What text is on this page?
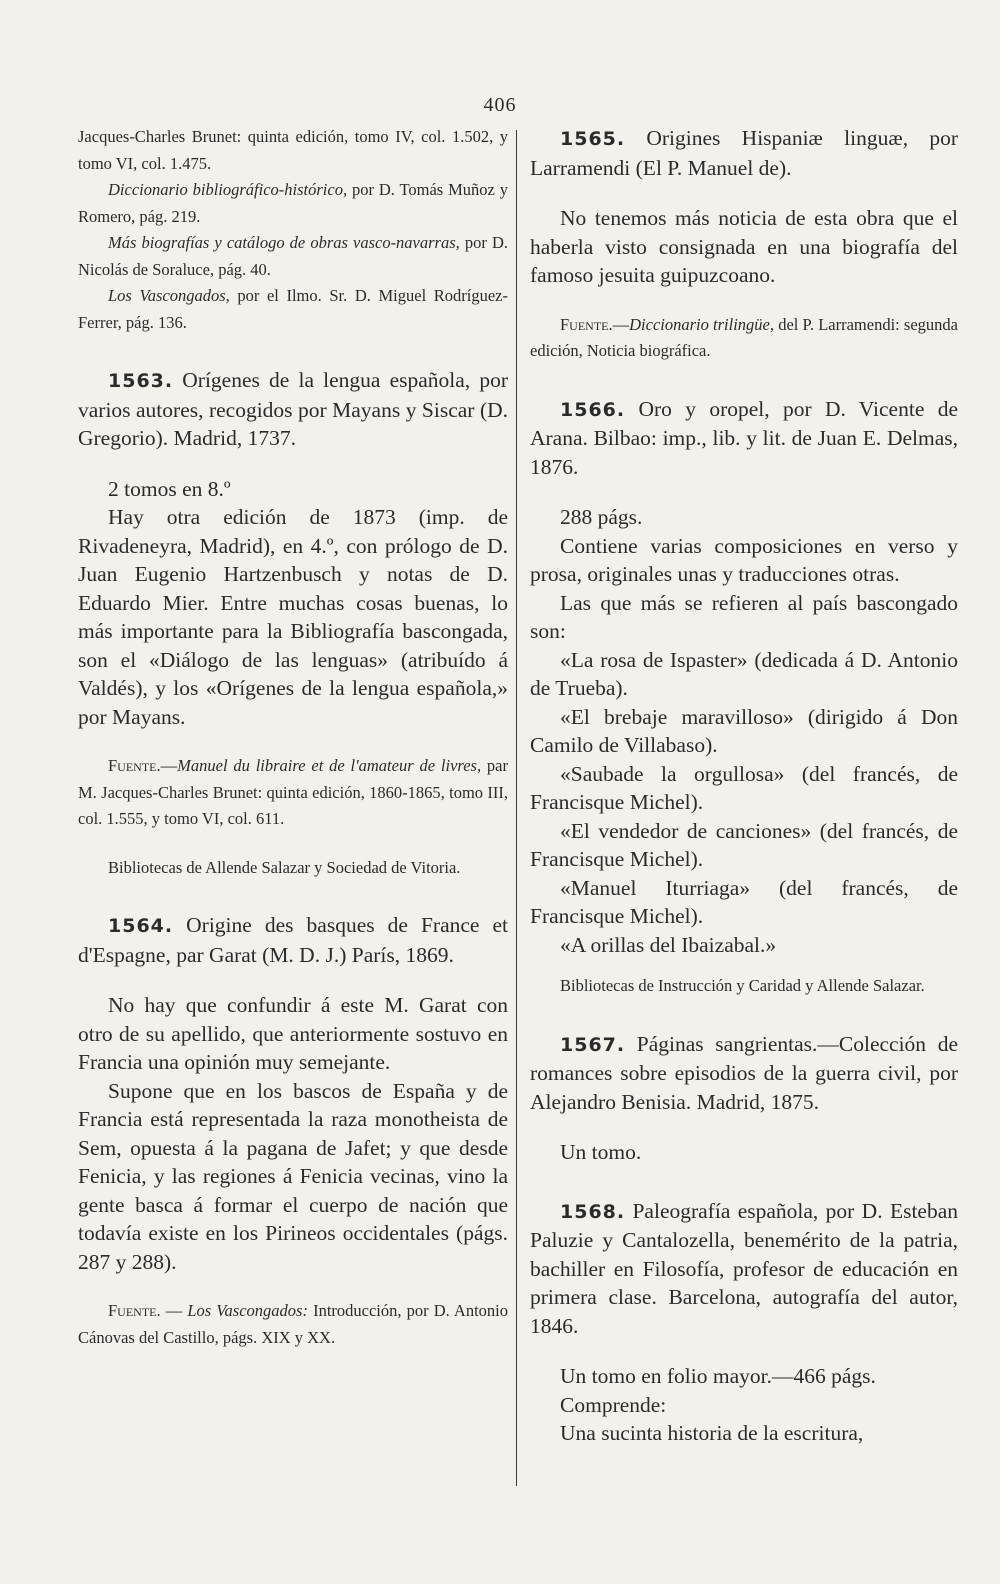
406

Jacques-Charles Brunet: quinta edición, tomo IV, col. 1.502, y tomo VI, col. 1.475.

Diccionario bibliográfico-histórico, por D. Tomás Muñoz y Romero, pág. 219.

Más biografías y catálogo de obras vasco-navarras, por D. Nicolás de Soraluce, pág. 40.

Los Vascongados, por el Ilmo. Sr. D. Miguel Rodríguez-Ferrer, pág. 136.

1563. Orígenes de la lengua española, por varios autores, recogidos por Mayans y Siscar (D. Gregorio). Madrid, 1737.

2 tomos en 8.º

Hay otra edición de 1873 (imp. de Rivadeneyra, Madrid), en 4.º, con prólogo de D. Juan Eugenio Hartzenbusch y notas de D. Eduardo Mier. Entre muchas cosas buenas, lo más importante para la Bibliografía bascongada, son el «Diálogo de las lenguas» (atribuído á Valdés), y los «Orígenes de la lengua española,» por Mayans.

Fuente.—Manuel du libraire et de l'amateur de livres, par M. Jacques-Charles Brunet: quinta edición, 1860-1865, tomo III, col. 1.555, y tomo VI, col. 611.

Bibliotecas de Allende Salazar y Sociedad de Vitoria.

1564. Origine des basques de France et d'Espagne, par Garat (M. D. J.) París, 1869.

No hay que confundir á este M. Garat con otro de su apellido, que anteriormente sostuvo en Francia una opinión muy semejante.

Supone que en los bascos de España y de Francia está representada la raza monotheista de Sem, opuesta á la pagana de Jafet; y que desde Fenicia, y las regiones á Fenicia vecinas, vino la gente basca á formar el cuerpo de nación que todavía existe en los Pirineos occidentales (págs. 287 y 288).

Fuente. — Los Vascongados: Introducción, por D. Antonio Cánovas del Castillo, págs. XIX y XX.

1565. Origines Hispaniæ linguæ, por Larramendi (El P. Manuel de).

No tenemos más noticia de esta obra que el haberla visto consignada en una biografía del famoso jesuita guipuzcoano.

Fuente.—Diccionario trilingüe, del P. Larramendi: segunda edición, Noticia biográfica.

1566. Oro y oropel, por D. Vicente de Arana. Bilbao: imp., lib. y lit. de Juan E. Delmas, 1876.

288 págs.

Contiene varias composiciones en verso y prosa, originales unas y traducciones otras.

Las que más se refieren al país bascongado son:

«La rosa de Ispaster» (dedicada á D. Antonio de Trueba).

«El brebaje maravilloso» (dirigido á Don Camilo de Villabaso).

«Saubade la orgullosa» (del francés, de Francisque Michel).

«El vendedor de canciones» (del francés, de Francisque Michel).

«Manuel Iturriaga» (del francés, de Francisque Michel).

«A orillas del Ibaizabal.»

Bibliotecas de Instrucción y Caridad y Allende Salazar.

1567. Páginas sangrientas.—Colección de romances sobre episodios de la guerra civil, por Alejandro Benisia. Madrid, 1875.

Un tomo.

1568. Paleografía española, por D. Esteban Paluzie y Cantalozella, benemérito de la patria, bachiller en Filosofía, profesor de educación en primera clase. Barcelona, autografía del autor, 1846.

Un tomo en folio mayor.—466 págs.

Comprende:

Una sucinta historia de la escritura,
